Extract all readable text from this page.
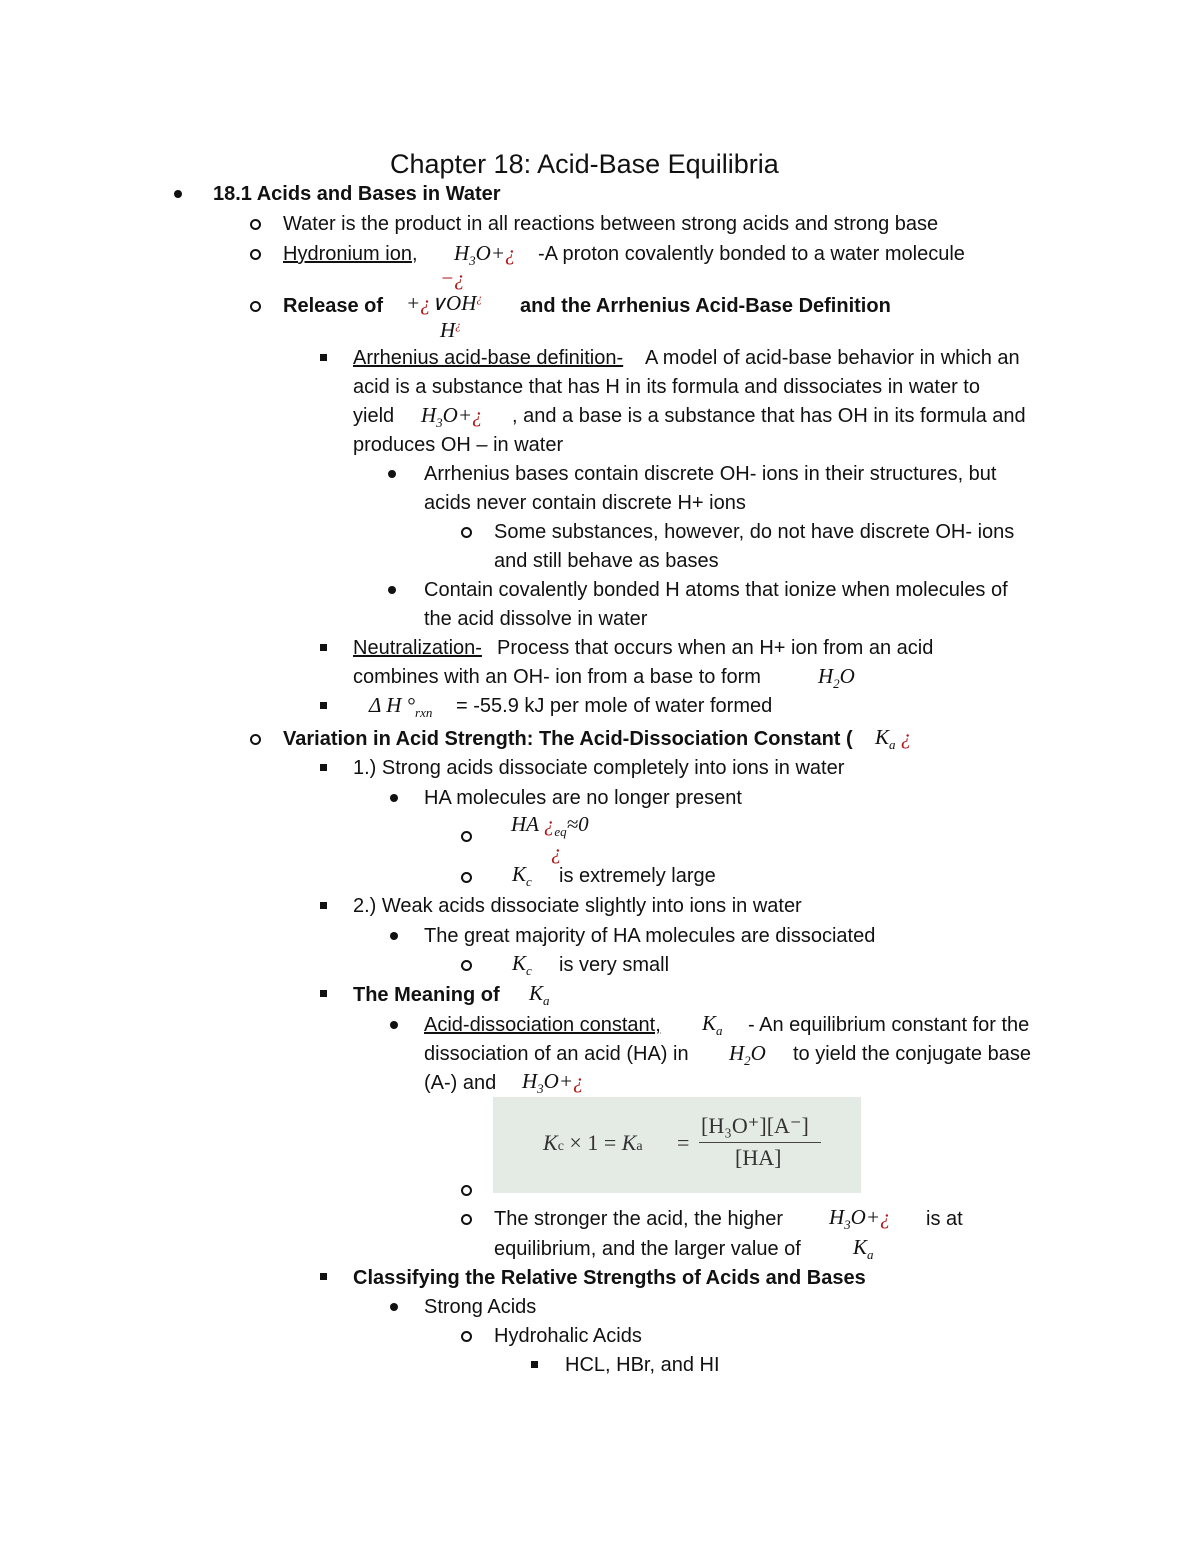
Chapter 18: Acid-Base Equilibria
18.1 Acids and Bases in Water
Water is the product in all reactions between strong acids and strong base
Hydronium ion, $H_3O+¿$ -A proton covalently bonded to a water molecule
−¿
Release of +¿∨OH¿ and the Arrhenius Acid-Base Definition
H¿
Arrhenius acid-base definition- A model of acid-base behavior in which an
acid is a substance that has H in its formula and dissociates in water to
yield $H_3O+¿$ , and a base is a substance that has OH in its formula and
produces OH – in water
Arrhenius bases contain discrete OH- ions in their structures, but
acids never contain discrete H+ ions
Some substances, however, do not have discrete OH- ions
and still behave as bases
Contain covalently bonded H atoms that ionize when molecules of
the acid dissolve in water
Neutralization- Process that occurs when an H+ ion from an acid
combines with an OH- ion from a base to form	$H_2O$
Δ H $^\circ_{rxn} = -55.9$ kJ per mole of water formed
Variation in Acid Strength: The Acid-Dissociation Constant ( $K_a$ ¿
1.) Strong acids dissociate completely into ions in water
HA molecules are no longer present
HA ¿$_{eq}\approx 0$
¿
$K_c$ is extremely large
2.) Weak acids dissociate slightly into ions in water
The great majority of HA molecules are dissociated
$K_c$ is very small
The Meaning of $K_a$
Acid-dissociation constant, $K_a$ - An equilibrium constant for the
dissociation of an acid (HA) in $H_2O$ to yield the conjugate base
(A-) and $H_3O+¿$
Kc × 1 = Ka =
[H₃O⁺][A⁻]
[HA]
The stronger the acid, the higher $H_3O+¿$ is at
equilibrium, and the larger value of $K_a$
Classifying the Relative Strengths of Acids and Bases
Strong Acids
Hydrohalic Acids
HCL, HBr, and HI
